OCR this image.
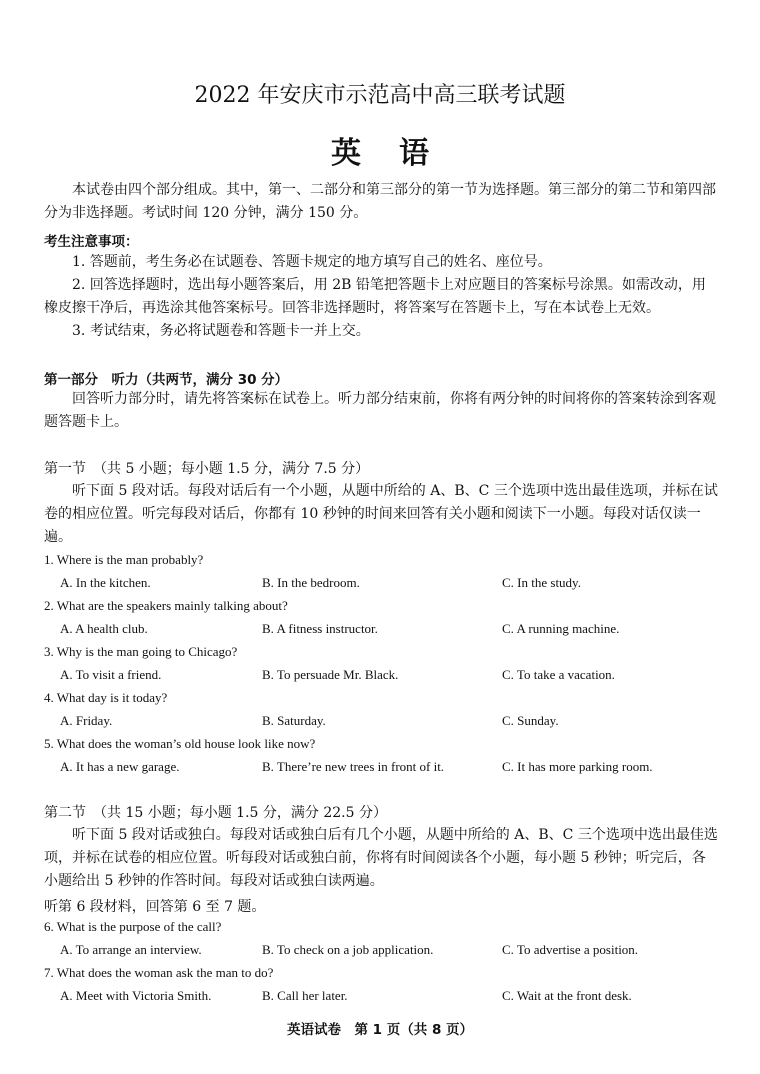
2022 年安庆市示范高中高三联考试题
英语
本试卷由四个部分组成。其中，第一、二部分和第三部分的第一节为选择题。第三部分的第二节和第四部分为非选择题。考试时间 120 分钟，满分 150 分。
考生注意事项：
1. 答题前，考生务必在试题卷、答题卡规定的地方填写自己的姓名、座位号。
2. 回答选择题时，选出每小题答案后，用 2B 铅笔把答题卡上对应题目的答案标号涂黑。如需改动，用橡皮擦干净后，再选涂其他答案标号。回答非选择题时，将答案写在答题卡上，写在本试卷上无效。
3. 考试结束，务必将试题卷和答题卡一并上交。
第一部分　听力（共两节，满分 30 分）
回答听力部分时，请先将答案标在试卷上。听力部分结束前，你将有两分钟的时间将你的答案转涂到客观题答题卡上。
第一节　（共 5 小题；每小题 1.5 分，满分 7.5 分）
听下面 5 段对话。每段对话后有一个小题，从题中所给的 A、B、C 三个选项中选出最佳选项，并标在试卷的相应位置。听完每段对话后，你都有 10 秒钟的时间来回答有关小题和阅读下一小题。每段对话仅读一遍。
1. Where is the man probably?
A. In the kitchen.	B. In the bedroom.	C. In the study.
2. What are the speakers mainly talking about?
A. A health club.	B. A fitness instructor.	C. A running machine.
3. Why is the man going to Chicago?
A. To visit a friend.	B. To persuade Mr. Black.	C. To take a vacation.
4. What day is it today?
A. Friday.	B. Saturday.	C. Sunday.
5. What does the woman’s old house look like now?
A. It has a new garage.	B. There’re new trees in front of it.	C. It has more parking room.
第二节　（共 15 小题；每小题 1.5 分，满分 22.5 分）
听下面 5 段对话或独白。每段对话或独白后有几个小题，从题中所给的 A、B、C 三个选项中选出最佳选项，并标在试卷的相应位置。听每段对话或独白前，你将有时间阅读各个小题，每小题 5 秒钟；听完后，各小题给出 5 秒钟的作答时间。每段对话或独白读两遍。
听第 6 段材料，回答第 6 至 7 题。
6. What is the purpose of the call?
A. To arrange an interview.	B. To check on a job application.	C. To advertise a position.
7. What does the woman ask the man to do?
A. Meet with Victoria Smith.	B. Call her later.	C. Wait at the front desk.
英语试卷　第 1 页（共 8 页）
